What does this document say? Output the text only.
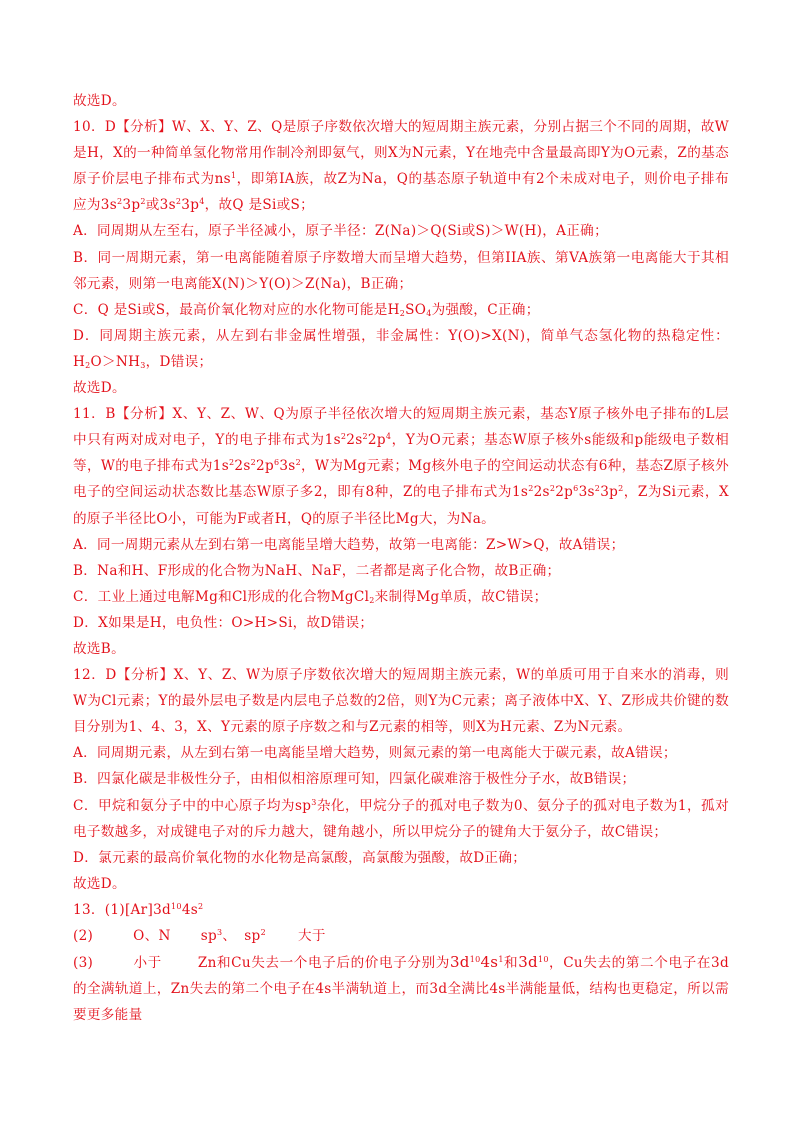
故选D。

10．D【分析】W、X、Y、Z、Q是原子序数依次增大的短周期主族元素，分别占据三个不同的周期，故W是H，X的一种简单氢化物常用作制冷剂即氨气，则X为N元素，Y在地壳中含量最高即Y为O元素，Z的基态原子价层电子排布式为$ns^1$，即第IA族，故Z为Na，Q的基态原子轨道中有2个未成对电子，则价电子排布应为$3s^23p^2$或$3s^23p^4$，故Q 是Si或S；

A．同周期从左至右，原子半径减小，原子半径：Z(Na)＞Q(Si或S)＞W(H)，A正确；

B．同一周期元素，第一电离能随着原子序数增大而呈增大趋势，但第IIA族、第VA族第一电离能大于其相邻元素，则第一电离能X(N)＞Y(O)＞Z(Na)，B正确；

C．Q 是Si或S，最高价氧化物对应的水化物可能是$H_2SO_4$为强酸，C正确；

D．同周期主族元素，从左到右非金属性增强，非金属性：Y(O)>X(N)，简单气态氢化物的热稳定性：$H_2O>NH_3$，D错误；

故选D。

11．B【分析】X、Y、Z、W、Q为原子半径依次增大的短周期主族元素，基态Y原子核外电子排布的L层中只有两对成对电子，Y的电子排布式为$1s^22s^22p^4$，Y为O元素；基态W原子核外s能级和p能级电子数相等，W的电子排布式为$1s^22s^22p^63s^2$，W为Mg元素；Mg核外电子的空间运动状态有6种，基态Z原子核外电子的空间运动状态数比基态W原子多2，即有8种，Z的电子排布式为$1s^22s^22p^63s^23p^2$，Z为Si元素，X的原子半径比O小，可能为F或者H，Q的原子半径比Mg大，为Na。

A．同一周期元素从左到右第一电离能呈增大趋势，故第一电离能：Z>W>Q，故A错误；

B．Na和H、F形成的化合物为NaH、NaF，二者都是离子化合物，故B正确；

C．工业上通过电解Mg和Cl形成的化合物MgCl$_2$来制得Mg单质，故C错误；

D．X如果是H，电负性：O>H>Si，故D错误；

故选B。

12．D【分析】X、Y、Z、W为原子序数依次增大的短周期主族元素，W的单质可用于自来水的消毒，则W为Cl元素；Y的最外层电子数是内层电子总数的2倍，则Y为C元素；离子液体中X、Y、Z形成共价键的数目分别为1、4、3，X、Y元素的原子序数之和与Z元素的相等，则X为H元素、Z为N元素。

A．同周期元素，从左到右第一电离能呈增大趋势，则氮元素的第一电离能大于碳元素，故A错误；

B．四氯化碳是非极性分子，由相似相溶原理可知，四氯化碳难溶于极性分子水，故B错误；

C．甲烷和氨分子中的中心原子均为$sp^3$杂化，甲烷分子的孤对电子数为0、氨分子的孤对电子数为1，孤对电子数越多，对成键电子对的斥力越大，键角越小，所以甲烷分子的键角大于氨分子，故C错误；

D．氯元素的最高价氧化物的水化物是高氯酸，高氯酸为强酸，故D正确；

故选D。

13．$(1)[Ar]3d^{10}4s^2$

(2)	O、N $sp^3$、 $sp^2$ 大于

(3)	小于	Zn和Cu失去一个电子后的价电子分别为$3d^{10}4s^1$和$3d^{10}$，Cu失去的第二个电子在3d的全满轨道上，Zn失去的第二个电子在4s半满轨道上，而3d全满比4s半满能量低，结构也更稳定，所以需要更多能量
